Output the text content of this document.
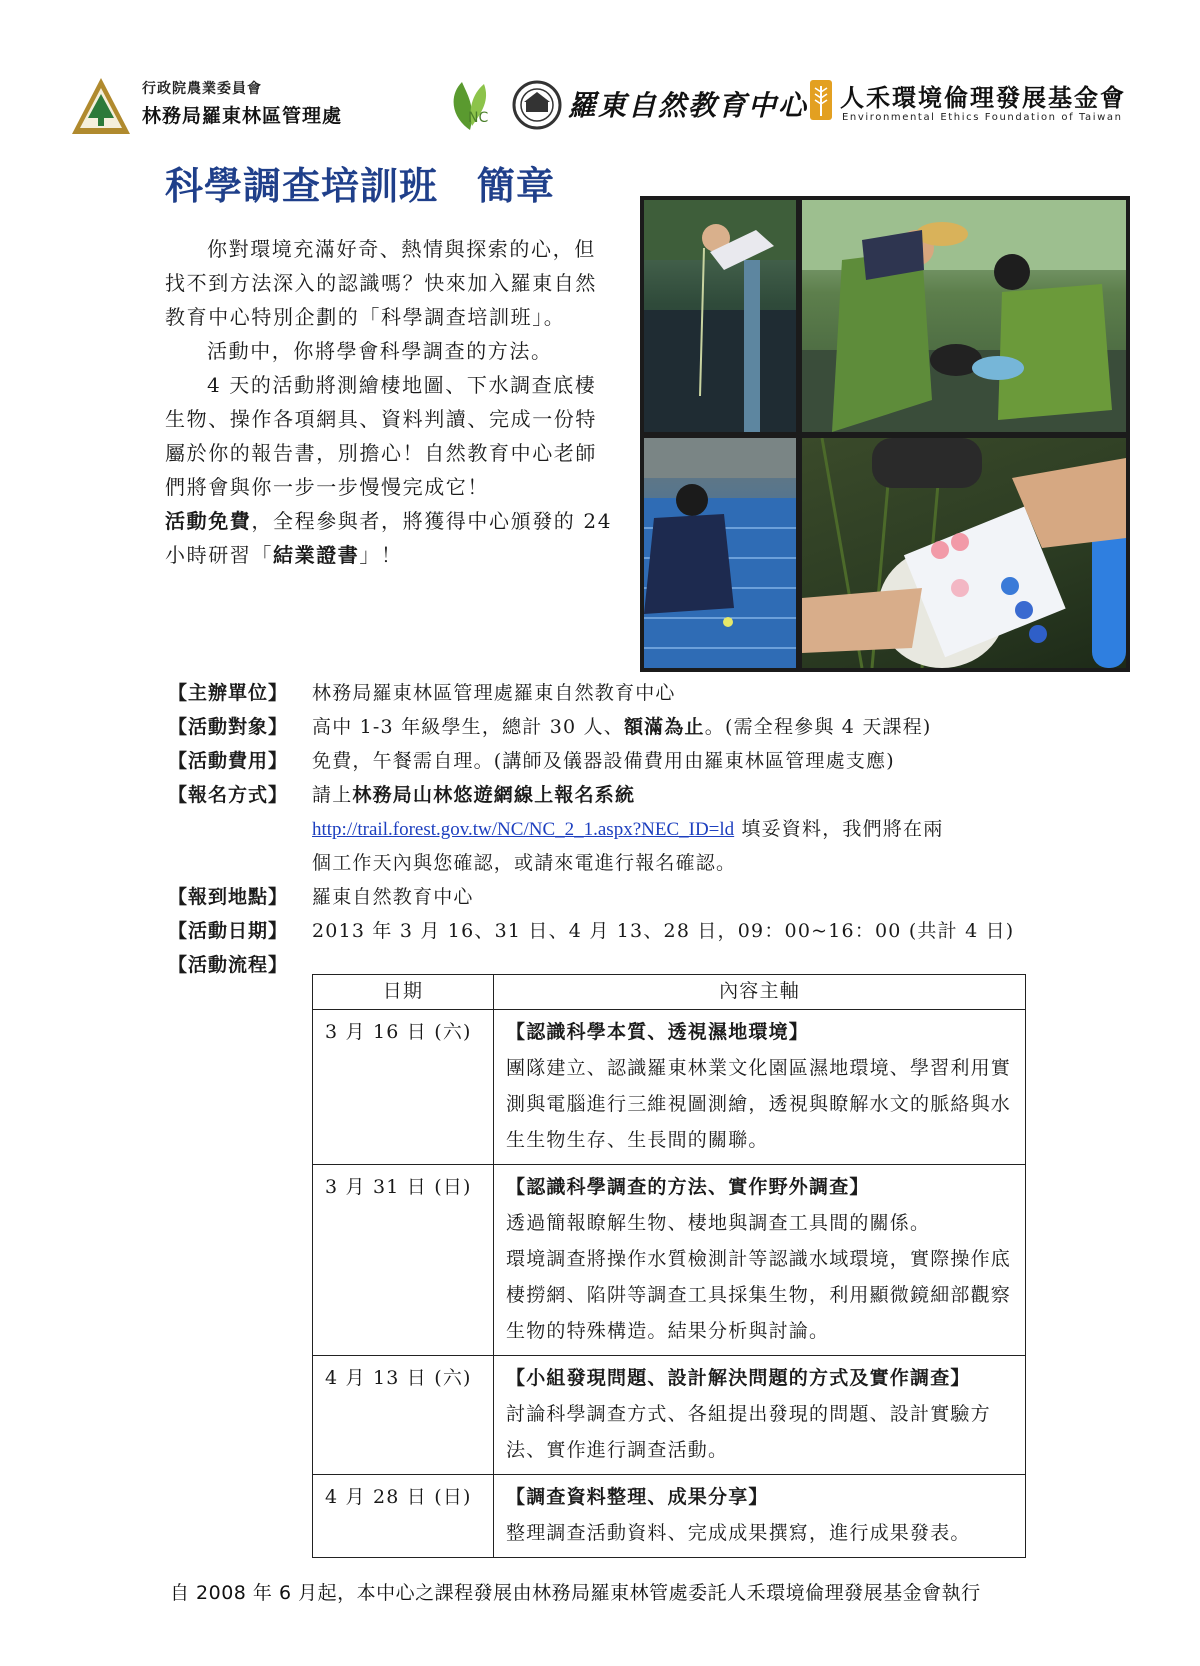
行政院農業委員會
林務局羅東林區管理處	NC	羅東自然教育中心 人禾環境倫理發展基金會
Environmental Ethics Foundation of Taiwan
科學調查培訓班　簡章

你對環境充滿好奇、熱情與探索的心，但找不到方法深入的認識嗎？快來加入羅東自然教育中心特別企劃的「科學調查培訓班」。

活動中，你將學會科學調查的方法。

4 天的活動將測繪棲地圖、下水調查底棲生物、操作各項網具、資料判讀、完成一份特屬於你的報告書，別擔心！自然教育中心老師們將會與你一步一步慢慢完成它！

活動免費，全程參與者，將獲得中心頒發的 24 小時研習「結業證書」！

【主辦單位】 林務局羅東林區管理處羅東自然教育中心
【活動對象】 高中 1-3 年級學生，總計 30 人、額滿為止。(需全程參與 4 天課程)
【活動費用】 免費，午餐需自理。(講師及儀器設備費用由羅東林區管理處支應)
【報名方式】 請上林務局山林悠遊網線上報名系統
http://trail.forest.gov.tw/NC/NC_2_1.aspx?NEC_ID=ld 填妥資料，我們將在兩
個工作天內與您確認，或請來電進行報名確認。
【報到地點】 羅東自然教育中心
【活動日期】 2013 年 3 月 16、31 日、4 月 13、28 日，09：00~16：00 (共計 4 日)
【活動流程】
日期	內容主軸
3 月 16 日 (六)	【認識科學本質、透視濕地環境】
團隊建立、認識羅東林業文化園區濕地環境、學習利用實測與電腦進行三維視圖測繪，透視與瞭解水文的脈絡與水生生物生存、生長間的關聯。

3 月 31 日 (日)	【認識科學調查的方法、實作野外調查】
透過簡報瞭解生物、棲地與調查工具間的關係。
環境調查將操作水質檢測計等認識水域環境，實際操作底棲撈網、陷阱等調查工具採集生物，利用顯微鏡細部觀察生物的特殊構造。結果分析與討論。

4 月 13 日 (六)	【小組發現問題、設計解決問題的方式及實作調查】
討論科學調查方式、各組提出發現的問題、設計實驗方法、實作進行調查活動。

4 月 28 日 (日)	【調查資料整理、成果分享】
整理調查活動資料、完成成果撰寫，進行成果發表。
自 2008 年 6 月起，本中心之課程發展由林務局羅東林管處委託人禾環境倫理發展基金會執行
